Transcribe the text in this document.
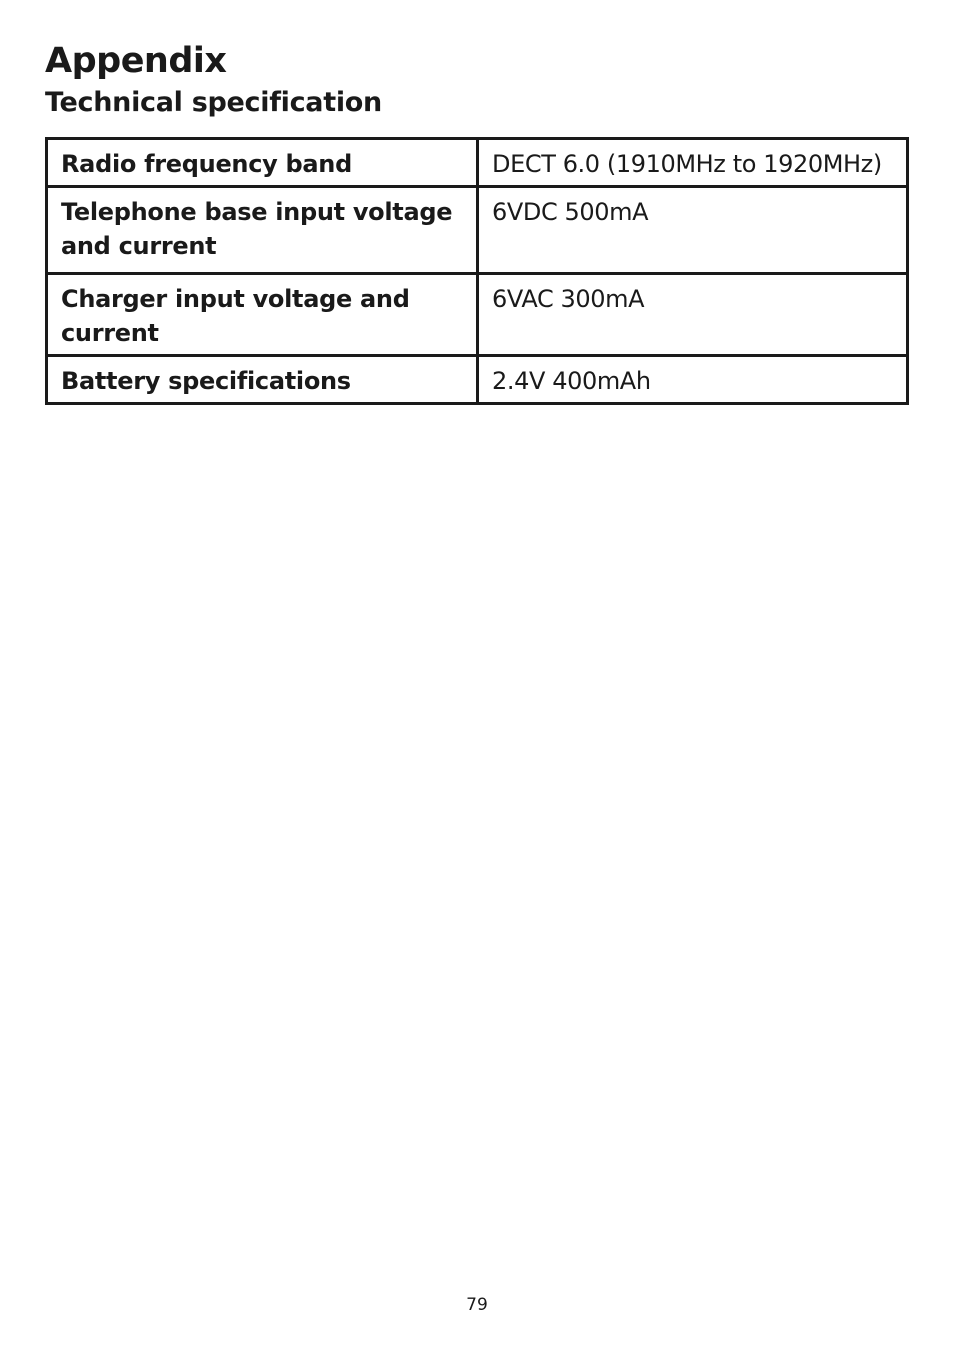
Appendix
Technical specification
Radio frequency band	DECT 6.0 (1910MHz to 1920MHz)
Telephone base input voltage and current	6VDC 500mA
Charger input voltage and current	6VAC 300mA
Battery specifications	2.4V 400mAh
79
